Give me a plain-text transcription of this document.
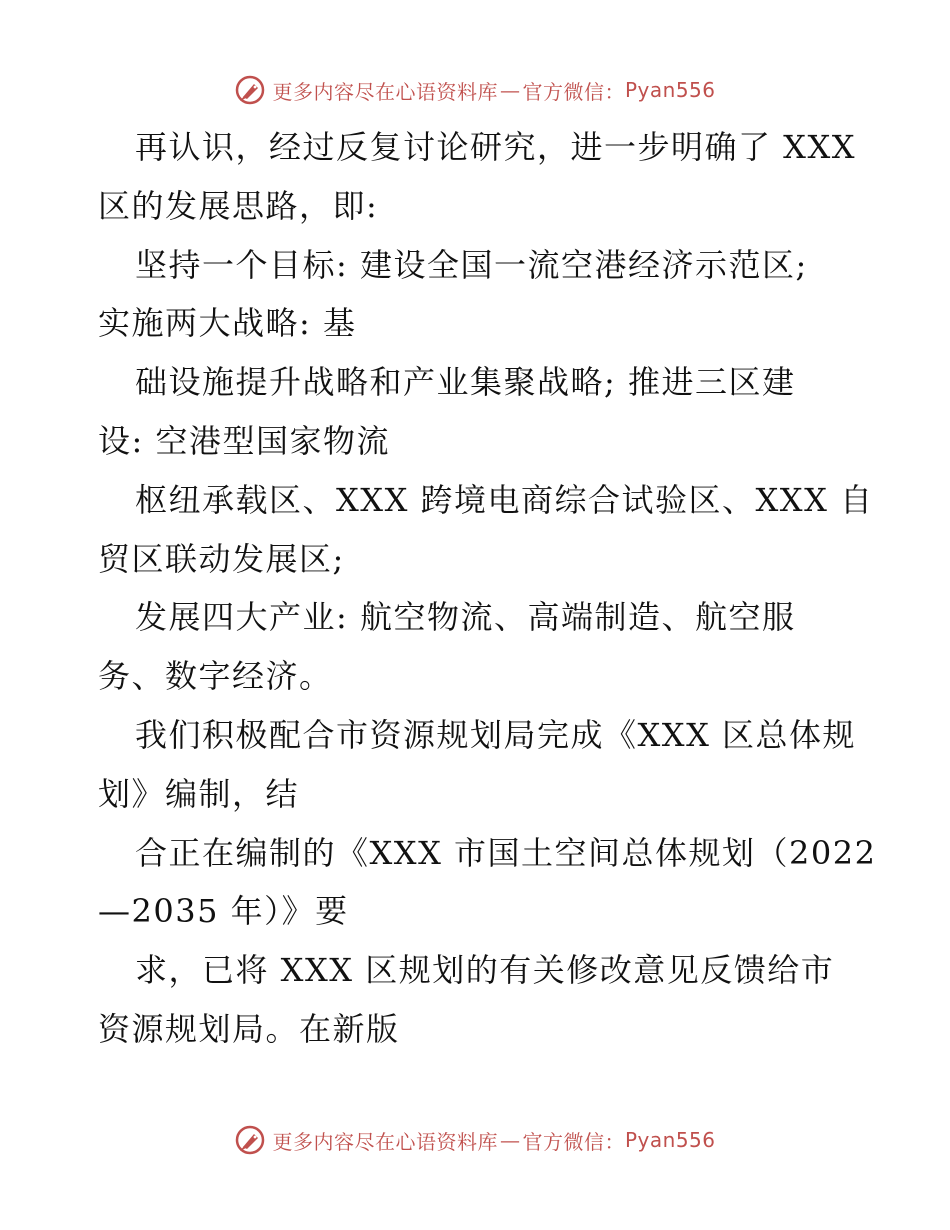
更多内容尽在心语资料库 — 官方微信： Pyan556
再认识，经过反复讨论研究，进一步明确了 XXX
区的发展思路，即:
坚持一个目标: 建设全国一流空港经济示范区;
实施两大战略: 基
础设施提升战略和产业集聚战略; 推进三区建
设: 空港型国家物流
枢纽承载区、XXX 跨境电商综合试验区、XXX 自
贸区联动发展区;
发展四大产业: 航空物流、高端制造、航空服
务、数字经济。
我们积极配合市资源规划局完成《XXX 区总体规
划》编制，结
合正在编制的《XXX 市国土空间总体规划（2022
—2035 年）》要
求，已将 XXX 区规划的有关修改意见反馈给市
资源规划局。在新版
更多内容尽在心语资料库 — 官方微信： Pyan556
